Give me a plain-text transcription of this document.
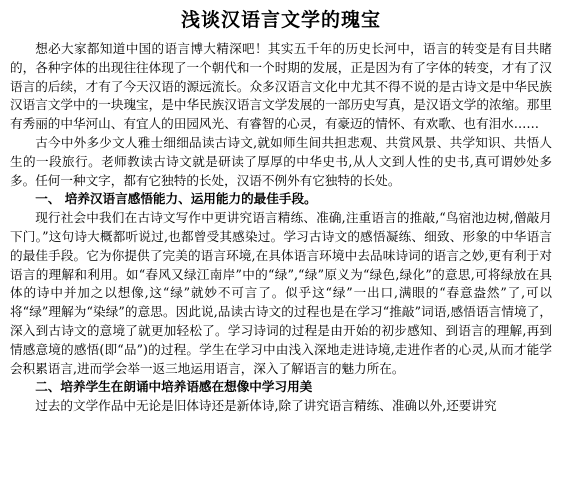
浅谈汉语言文学的瑰宝

想必大家都知道中国的语言博大精深吧！其实五千年的历史长河中，语言的转变是有目共睹的，各种字体的出现往往体现了一个朝代和一个时期的发展，正是因为有了字体的转变，才有了汉语言的后续，才有了今天汉语的源远流长。众多汉语言文化中尤其不得不说的是古诗文是中华民族汉语言文学中的一块瑰宝，是中华民族汉语言文学发展的一部历史写真，是汉语文学的浓缩。那里有秀丽的中华河山、有宜人的田园风光、有睿智的心灵，有豪迈的情怀、有欢歌、也有泪水……

古今中外多少文人雅士细细品读古诗文,就如师生间共担悲观、共赏风景、共学知识、共悟人生的一段旅行。老师教读古诗文就是研读了厚厚的中华史书,从人文到人性的史书,真可谓妙处多多。任何一种文字，都有它独特的长处，汉语不例外有它独特的长处。

一、 培养汉语言感悟能力、运用能力的最佳手段。

现行社会中我们在古诗文写作中更讲究语言精练、准确,注重语言的推敲,“鸟宿池边树,僧敲月下门。”这句诗大概都听说过,也都曾受其感染过。学习古诗文的感悟凝练、细致、形象的中华语言的最佳手段。它为你提供了完美的语言环境,在具体语言环境中去品味诗词的语言之妙,更有利于对语言的理解和利用。如“春风又绿江南岸”中的“绿”,“绿”原义为“绿色,绿化”的意思,可将绿放在具体的诗中并加之以想像,这“绿”就妙不可言了。似乎这“绿”一出口,满眼的“春意盎然”了,可以将“绿”理解为“染绿”的意思。因此说,品读古诗文的过程也是在学习“推敲”词语,感悟语言情境了，深入到古诗文的意境了就更加轻松了。学习诗词的过程是由开始的初步感知、到语言的理解,再到情感意境的感悟(即“品”)的过程。学生在学习中由浅入深地走进诗境,走进作者的心灵,从而才能学会积累语言,进而学会举一返三地运用语言，深入了解语言的魅力所在。

二、培养学生在朗诵中培养语感在想像中学习用美

过去的文学作品中无论是旧体诗还是新体诗,除了讲究语言精练、准确以外,还要讲究
